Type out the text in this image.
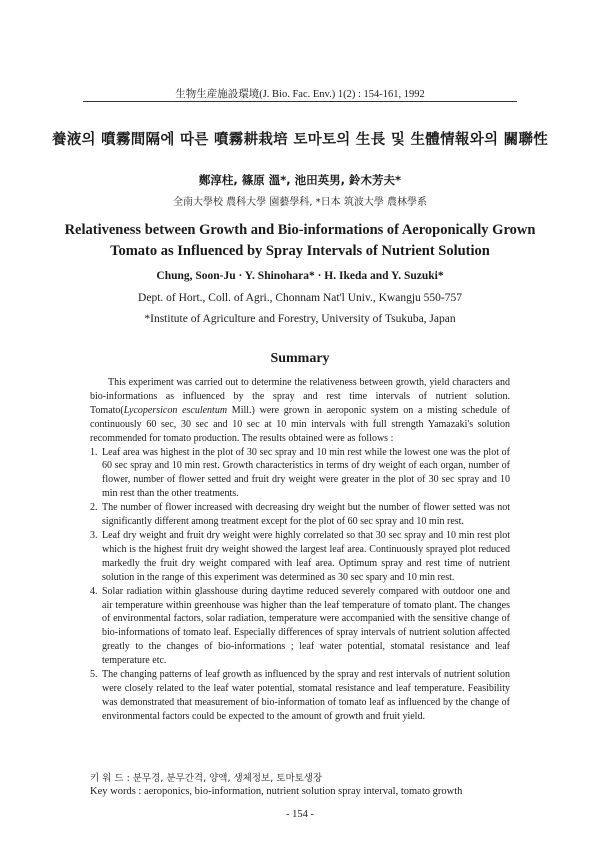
生物生産施設環境(J. Bio. Fac. Env.) 1(2) : 154-161, 1992
養液의 噴霧間隔에 따른 噴霧耕栽培 토마토의 生長 및 生體情報와의 關聯性
鄭淳柱, 篠原 溫*, 池田英男, 鈴木芳夫*
全南大學校 農科大學 園藝學科, *日本 筑波大學 農林學系
Relativeness between Growth and Bio-informations of Aeroponically Grown
Tomato as Influenced by Spray Intervals of Nutrient Solution
Chung, Soon-Ju · Y. Shinohara* · H. Ikeda and Y. Suzuki*
Dept. of Hort., Coll. of Agri., Chonnam Nat'l Univ., Kwangju 550-757
*Institute of Agriculture and Forestry, University of Tsukuba, Japan
Summary

This experiment was carried out to determine the relativeness between growth, yield characters and bio-informations as influenced by the spray and rest time intervals of nutrient solution. Tomato(Lycopersicon esculentum Mill.) were grown in aeroponic system on a misting schedule of continuously 60 sec, 30 sec and 10 sec at 10 min intervals with full strength Yamazaki's solution recommended for tomato production. The results obtained were as follows :

1. Leaf area was highest in the plot of 30 sec spray and 10 min rest while the lowest one was the plot of 60 sec spray and 10 min rest. Growth characteristics in terms of dry weight of each organ, number of flower, number of flower setted and fruit dry weight were greater in the plot of 30 sec spray and 10 min rest than the other treatments.
2. The number of flower increased with decreasing dry weight but the number of flower setted was not significantly different among treatment except for the plot of 60 sec spray and 10 min rest.
3. Leaf dry weight and fruit dry weight were highly correlated so that 30 sec spray and 10 min rest plot which is the highest fruit dry weight showed the largest leaf area. Continuously sprayed plot reduced markedly the fruit dry weight compared with leaf area. Optimum spray and rest time of nutrient solution in the range of this experiment was determined as 30 sec spary and 10 min rest.
4. Solar radiation within glasshouse during daytime reduced severely compared with outdoor one and air temperature within greenhouse was higher than the leaf temperature of tomato plant. The changes of environmental factors, solar radiation, temperature were accompanied with the sensitive change of bio-informations of tomato leaf. Especially differences of spray intervals of nutrient solution affected greatly to the changes of bio-informations ; leaf water potential, stomatal resistance and leaf temperature etc.
5. The changing patterns of leaf growth as influenced by the spray and rest intervals of nutrient solution were closely related to the leaf water potential, stomatal resistance and leaf temperature. Feasibility was demonstrated that measurement of bio-information of tomato leaf as influenced by the change of environmental factors could be expected to the amount of growth and fruit yield.
키 워 드 : 분무경, 분무간격, 양액, 생체정보, 토마토생장
Key words : aeroponics, bio-information, nutrient solution spray interval, tomato growth
- 154 -
